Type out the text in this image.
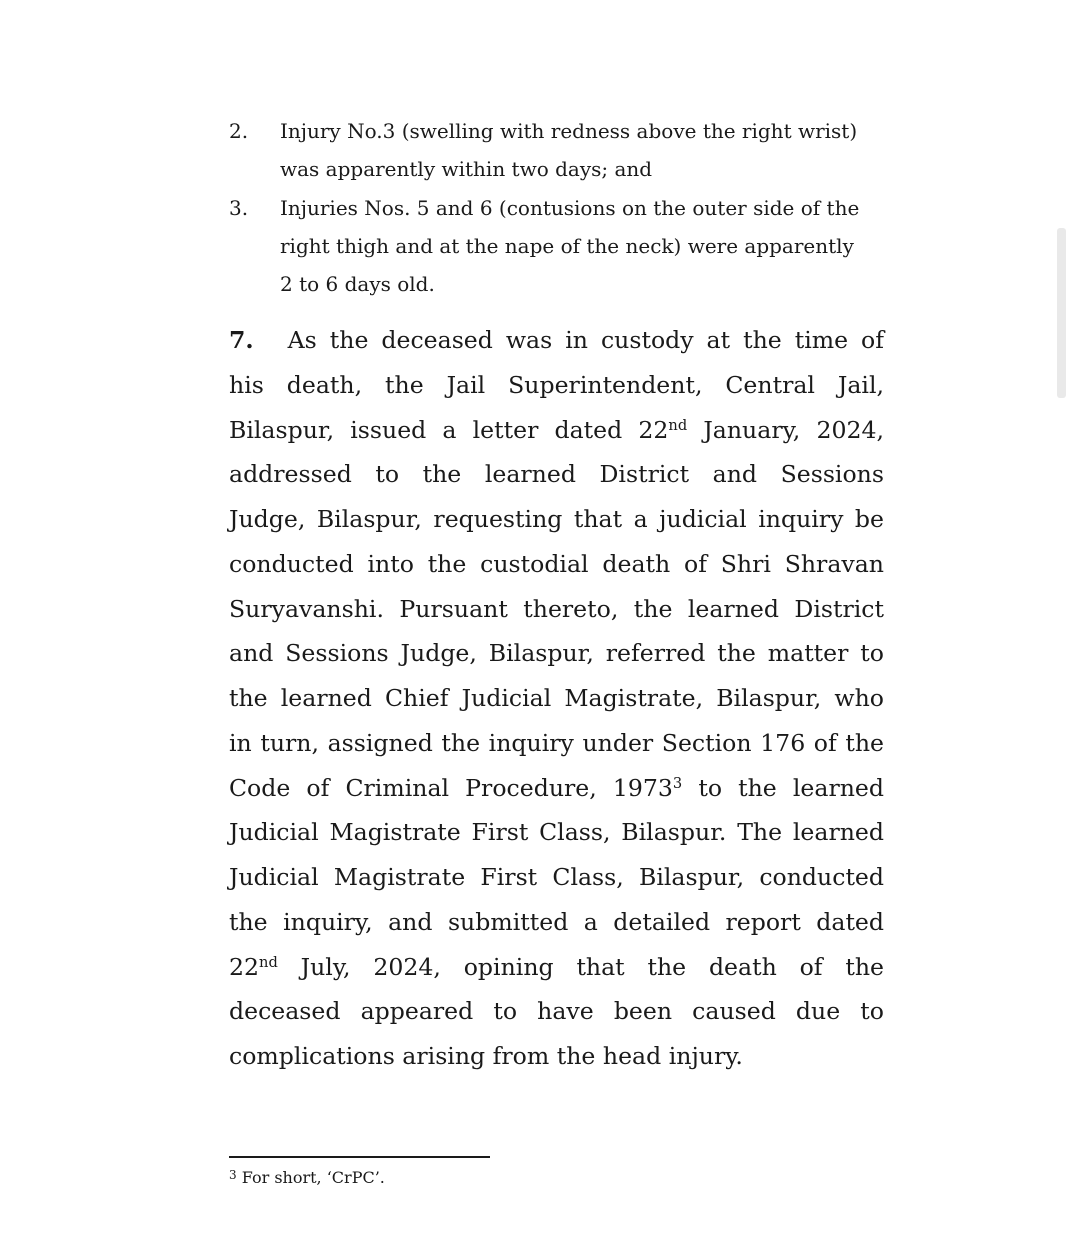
2. Injury No.3 (swelling with redness above the right wrist)
was apparently within two days; and
3. Injuries Nos. 5 and 6 (contusions on the outer side of the
right thigh and at the nape of the neck) were apparently
2 to 6 days old.
7. As the deceased was in custody at the time of
his death, the Jail Superintendent, Central Jail,
Bilaspur, issued a letter dated 22nd January, 2024,
addressed to the learned District and Sessions
Judge, Bilaspur, requesting that a judicial inquiry be
conducted into the custodial death of Shri Shravan
Suryavanshi. Pursuant thereto, the learned District
and Sessions Judge, Bilaspur, referred the matter to
the learned Chief Judicial Magistrate, Bilaspur, who
in turn, assigned the inquiry under Section 176 of the
Code of Criminal Procedure, 1973$^3$ to the learned
Judicial Magistrate First Class, Bilaspur. The learned
Judicial Magistrate First Class, Bilaspur, conducted
the inquiry, and submitted a detailed report dated
22nd July, 2024, opining that the death of the
deceased appeared to have been caused due to
complications arising from the head injury.
$^3$ For short, ‘CrPC’.
